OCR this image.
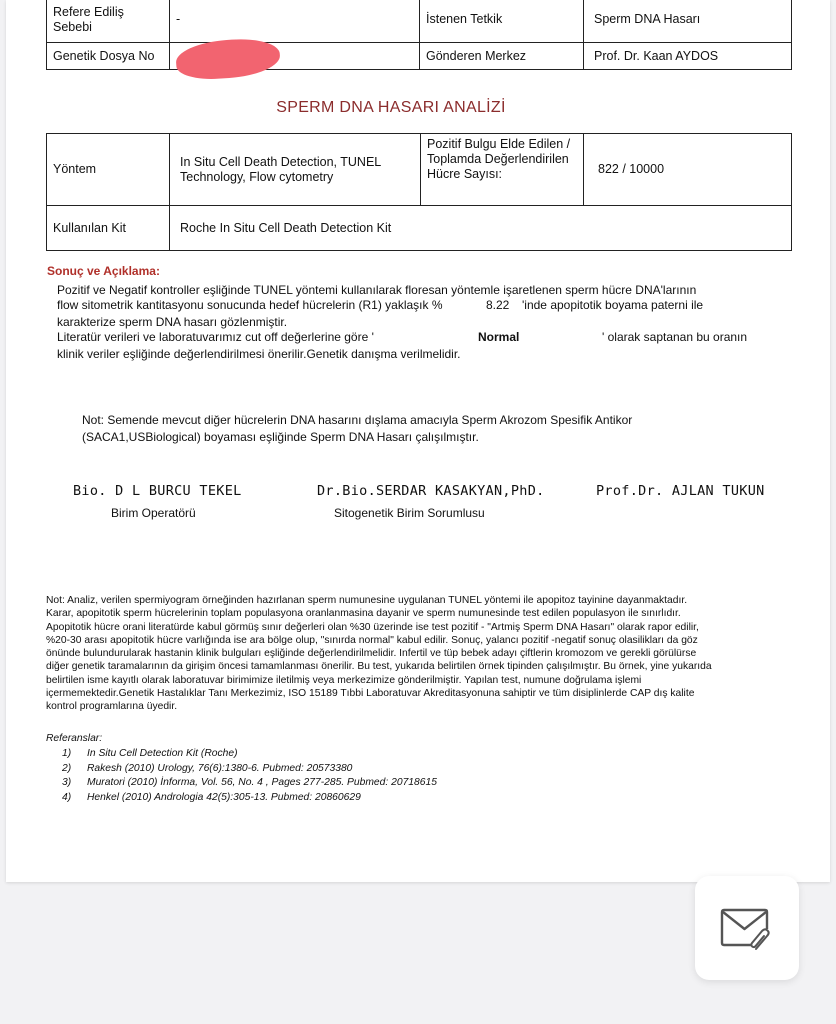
Refere Ediliş Sebebi	-	İstenen Tetkik	Sperm DNA Hasarı
Genetik Dosya No		Gönderen Merkez	Prof. Dr. Kaan AYDOS
SPERM DNA HASARI ANALİZİ
Yöntem	In Situ Cell Death Detection, TUNEL Technology, Flow cytometry	Pozitif Bulgu Elde Edilen / Toplamda Değerlendirilen Hücre Sayısı:	822 / 10000
Kullanılan Kit	Roche In Situ Cell Death Detection Kit		
Sonuç ve Açıklama:
Pozitif ve Negatif kontroller eşliğinde TUNEL yöntemi kullanılarak floresan yöntemle işaretlenen sperm hücre DNA'larının
flow sitometrik kantitasyonu sonucunda hedef hücrelerin (R1) yaklaşık %	8.22 'inde apopitotik boyama paterni ile
karakterize sperm DNA hasarı gözlenmiştir.
Literatür verileri ve laboratuvarımız cut off değerlerine göre '	Normal	' olarak saptanan bu oranın
klinik veriler eşliğinde değerlendirilmesi önerilir.Genetik danışma verilmelidir.
Not: Semende mevcut diğer hücrelerin DNA hasarını dışlama amacıyla Sperm Akrozom Spesifik Antikor
(SACA1,USBiological) boyaması eşliğinde Sperm DNA Hasarı çalışılmıştır.
Bio. D L BURCU TEKEL
Birim Operatörü
Dr.Bio.SERDAR KASAKYAN,PhD.
Sitogenetik Birim Sorumlusu
Prof.Dr. AJLAN TUKUN
Not: Analiz, verilen spermiyogram örneğinden hazırlanan sperm numunesine uygulanan TUNEL yöntemi ile apopitoz tayinine dayanmaktadır.
Karar, apopitotik sperm hücrelerinin toplam populasyona oranlanmasina dayanir ve sperm numunesinde test edilen populasyon ile sınırlıdır.
Apopitotik hücre orani literatürde kabul görmüş sınır değerleri olan %30 üzerinde ise test pozitif - "Artmiş Sperm DNA Hasarı" olarak rapor edilir,
%20-30 arası apopitotik hücre varlığında ise ara bölge olup, "sınırda normal" kabul edilir. Sonuç, yalancı pozitif -negatif sonuç olasilikları da göz
önünde bulundurularak hastanin klinik bulguları eşliğinde değerlendirilmelidir. Infertil ve tüp bebek adayı çiftlerin kromozom ve gerekli görülürse
diğer genetik taramalarının da girişim öncesi tamamlanması önerilir. Bu test, yukarıda belirtilen örnek tipinden çalışılmıştır. Bu örnek, yine yukarıda
belirtilen isme kayıtlı olarak laboratuvar birimimize iletilmiş veya merkezimize gönderilmiştir. Yapılan test, numune doğrulama işlemi
içermemektedir.Genetik Hastalıklar Tanı Merkezimiz, ISO 15189 Tıbbi Laboratuvar Akreditasyonuna sahiptir ve tüm disiplinlerde CAP dış kalite
kontrol programlarına üyedir.
Referanslar:
1) In Situ Cell Detection Kit (Roche)
2) Rakesh (2010) Urology, 76(6):1380-6. Pubmed: 20573380
3) Muratori (2010) İnforma, Vol. 56, No. 4 , Pages 277-285. Pubmed: 20718615
4) Henkel (2010) Andrologia 42(5):305-13. Pubmed: 20860629
